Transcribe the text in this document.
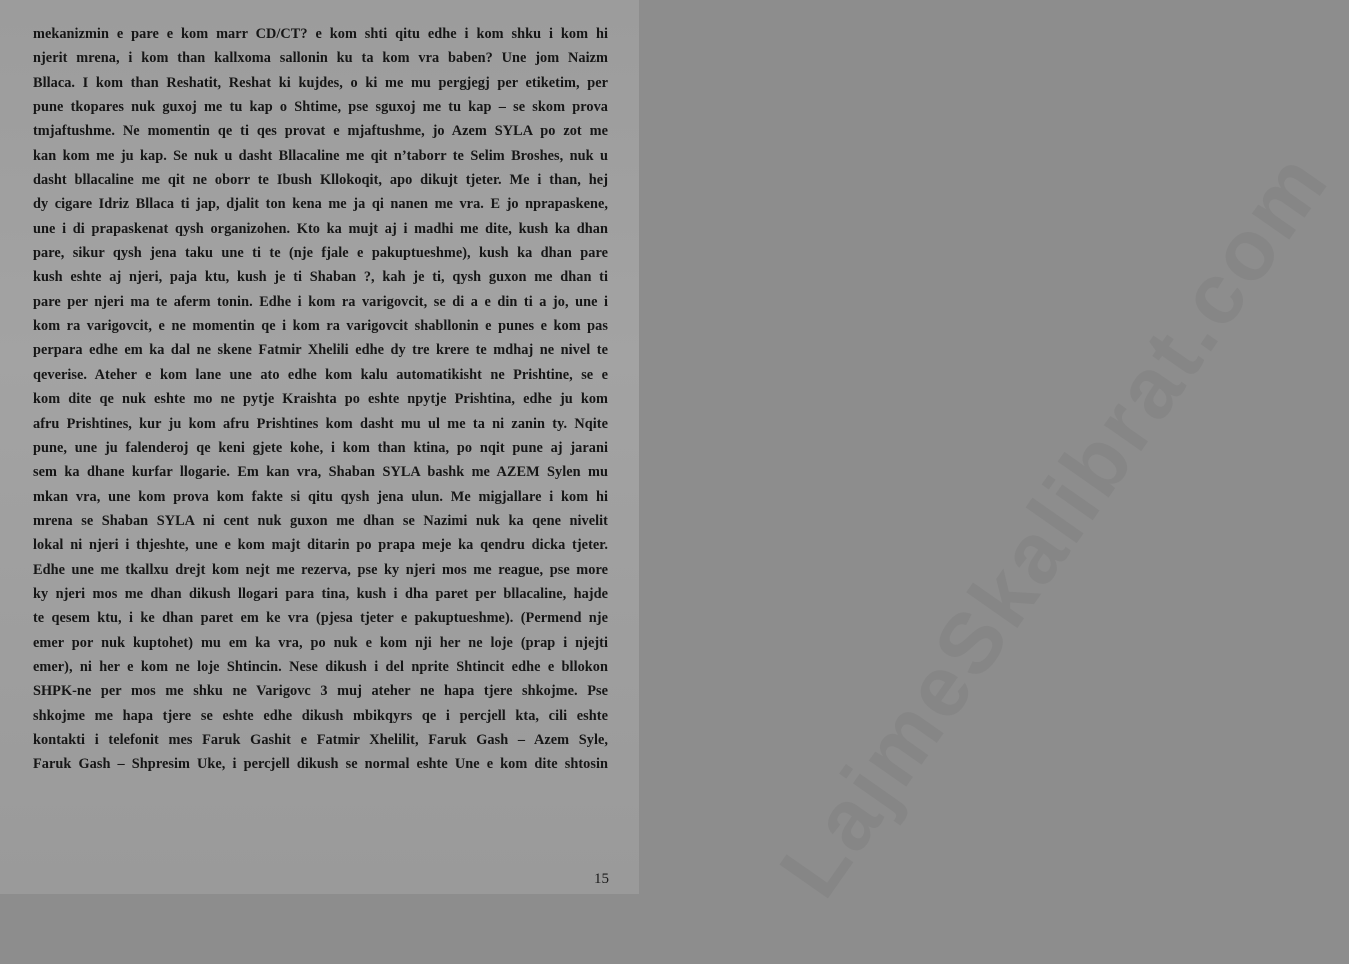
LajmeSkalibrat.com
mekanizmin e pare e kom marr CD/CT? e kom shti qitu edhe i kom shku i kom hi
njerit mrena, i kom than kallxoma sallonin ku ta kom vra baben? Une jom Naizm
Bllaca. I kom than Reshatit, Reshat ki kujdes, o ki me mu pergjegj per etiketim, per
pune tkopares nuk guxoj me tu kap o Shtime, pse sguxoj me tu kap – se skom prova
tmjaftushme. Ne momentin qe ti qes provat e mjaftushme, jo Azem SYLA po zot me
kan kom me ju kap. Se nuk u dasht Bllacaline me qit n’taborr te Selim Broshes, nuk u
dasht bllacaline me qit ne oborr te Ibush Kllokoqit, apo dikujt tjeter. Me i than, hej
dy cigare Idriz Bllaca ti jap, djalit ton kena me ja qi nanen me vra. E jo nprapaskene,
une i di prapaskenat qysh organizohen. Kto ka mujt aj i madhi me dite, kush ka dhan
pare, sikur qysh jena taku une ti te (nje fjale e pakuptueshme), kush ka dhan pare
kush eshte aj njeri, paja ktu, kush je ti Shaban ?, kah je ti, qysh guxon me dhan ti
pare per njeri ma te aferm tonin. Edhe i kom ra varigovcit, se di a e din ti a jo, une i
kom ra varigovcit, e ne momentin qe i kom ra varigovcit shabllonin e punes e kom pas
perpara edhe em ka dal ne skene Fatmir Xhelili edhe dy tre krere te mdhaj ne nivel te
qeverise. Ateher e kom lane une ato edhe kom kalu automatikisht ne Prishtine, se e
kom dite qe nuk eshte mo ne pytje Kraishta po eshte npytje Prishtina, edhe ju kom
afru Prishtines, kur ju kom afru Prishtines kom dasht mu ul me ta ni zanin ty. Nqite
pune, une ju falenderoj qe keni gjete kohe, i kom than ktina, po nqit pune aj jarani
sem ka dhane kurfar llogarie. Em kan vra, Shaban SYLA bashk me AZEM Sylen mu
mkan vra, une kom prova kom fakte si qitu qysh jena ulun. Me migjallare i kom hi
mrena se Shaban SYLA ni cent nuk guxon me dhan se Nazimi nuk ka qene nivelit
lokal ni njeri i thjeshte, une e kom majt ditarin po prapa meje ka qendru dicka tjeter.
Edhe une me tkallxu drejt kom nejt me rezerva, pse ky njeri mos me reague, pse more
ky njeri mos me dhan dikush llogari para tina, kush i dha paret per bllacaline, hajde
te qesem ktu, i ke dhan paret em ke vra (pjesa tjeter e pakuptueshme). (Permend nje
emer por nuk kuptohet) mu em ka vra, po nuk e kom nji her ne loje (prap i njejti
emer), ni her e kom ne loje Shtincin. Nese dikush i del nprite Shtincit edhe e bllokon
SHPK-ne per mos me shku ne Varigovc 3 muj ateher ne hapa tjere shkojme. Pse
shkojme me hapa tjere se eshte edhe dikush mbikqyrs qe i percjell kta, cili eshte
kontakti i telefonit mes Faruk Gashit e Fatmir Xhelilit, Faruk Gash – Azem Syle,
Faruk Gash – Shpresim Uke, i percjell dikush se normal eshte Une e kom dite shtosin
15
